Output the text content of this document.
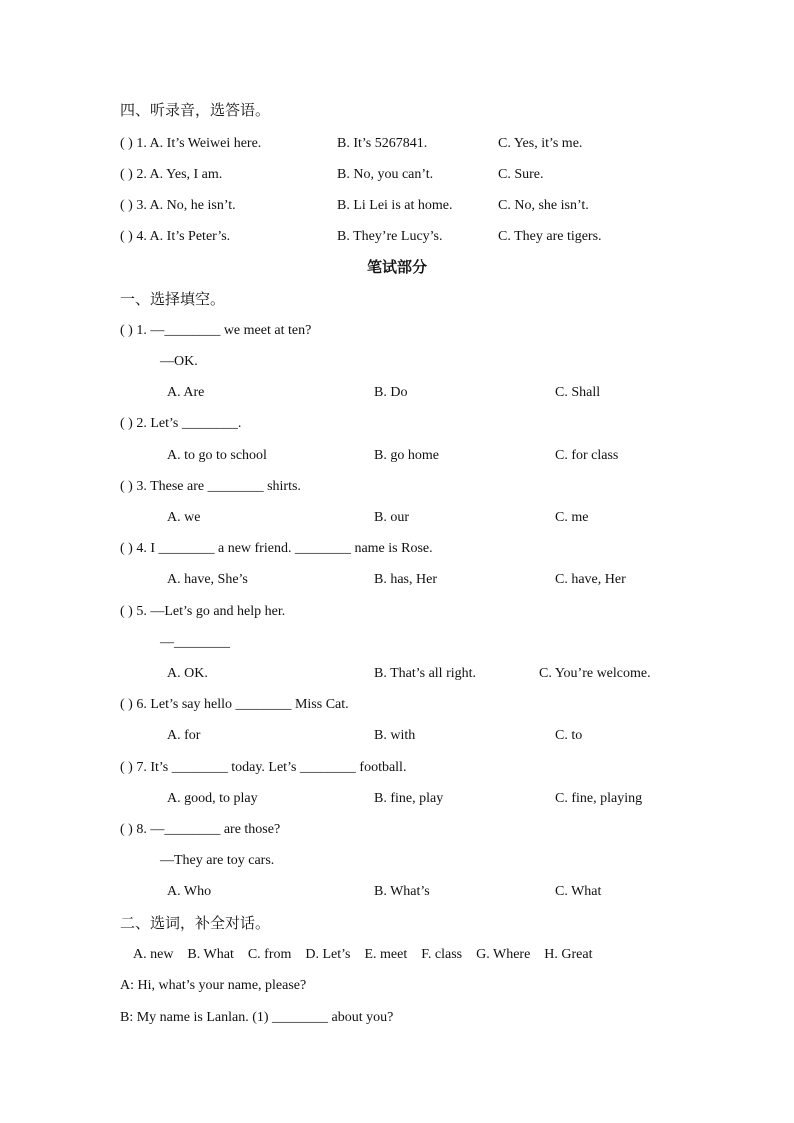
四、听录音，选答语。
( ) 1. A. It’s Weiwei here.	B. It’s 5267841.	C. Yes, it’s me.
( ) 2. A. Yes, I am.	B. No, you can’t.	C. Sure.
( ) 3. A. No, he isn’t.	B. Li Lei is at home.	C. No, she isn’t.
( ) 4. A. It’s Peter’s.	B. They’re Lucy’s.	C. They are tigers.
笔试部分
一、选择填空。
( ) 1. —________ we meet at ten?
—OK.
A. Are	B. Do	C. Shall
( ) 2. Let’s ________.
A. to go to school	B. go home	C. for class
( ) 3. These are ________ shirts.
A. we	B. our	C. me
( ) 4. I ________ a new friend. ________ name is Rose.
A. have, She’s	B. has, Her	C. have, Her
( ) 5. —Let’s go and help her.
—________
A. OK.	B. That’s all right.	C. You’re welcome.
( ) 6. Let’s say hello ________ Miss Cat.
A. for	B. with	C. to
( ) 7. It’s ________ today. Let’s ________ football.
A. good, to play	B. fine, play	C. fine, playing
( ) 8. —________ are those?
—They are toy cars.
A. Who	B. What’s	C. What
二、选词，补全对话。
A. new    B. What    C. from    D. Let’s    E. meet    F. class    G. Where    H. Great
A: Hi, what’s your name, please?
B: My name is Lanlan. (1) ________ about you?
